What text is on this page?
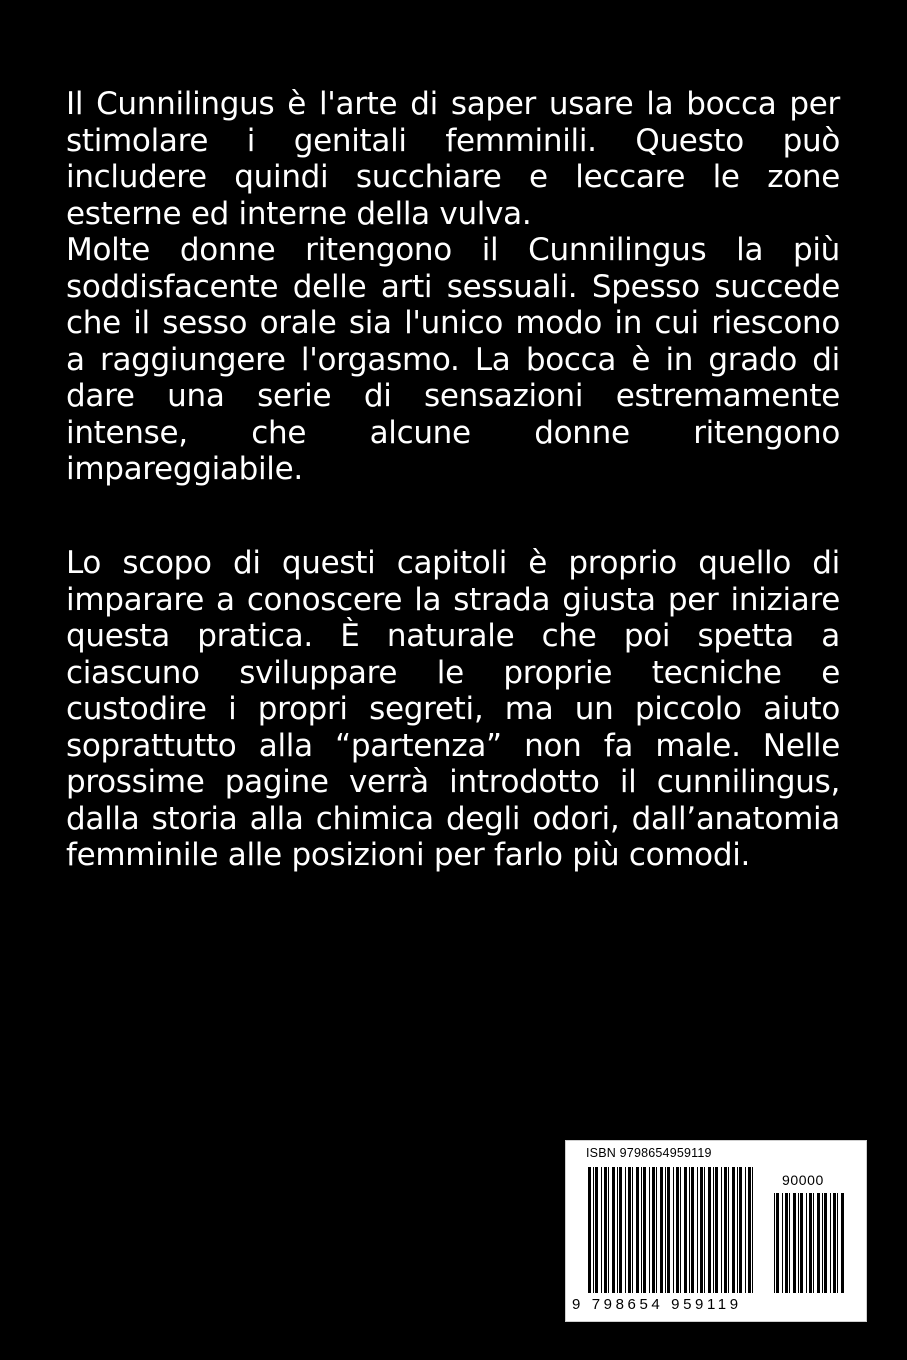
Il Cunnilingus è l'arte di saper usare la bocca per stimolare i genitali femminili. Questo può includere quindi succhiare e leccare le zone esterne ed interne della vulva.

Molte donne ritengono il Cunnilingus la più soddisfacente delle arti sessuali. Spesso succede che il sesso orale sia l'unico modo in cui riescono a raggiungere l'orgasmo. La bocca è in grado di dare una serie di sensazioni estremamente intense, che alcune donne ritengono impareggiabile.

Lo scopo di questi capitoli è proprio quello di imparare a conoscere la strada giusta per iniziare questa pratica. È naturale che poi spetta a ciascuno sviluppare le proprie tecniche e custodire i propri segreti, ma un piccolo aiuto soprattutto alla “partenza” non fa male. Nelle prossime pagine verrà introdotto il cunnilingus, dalla storia alla chimica degli odori, dall’anatomia femminile alle posizioni per farlo più comodi.

ISBN 9798654959119
90000
9 798654 959119
